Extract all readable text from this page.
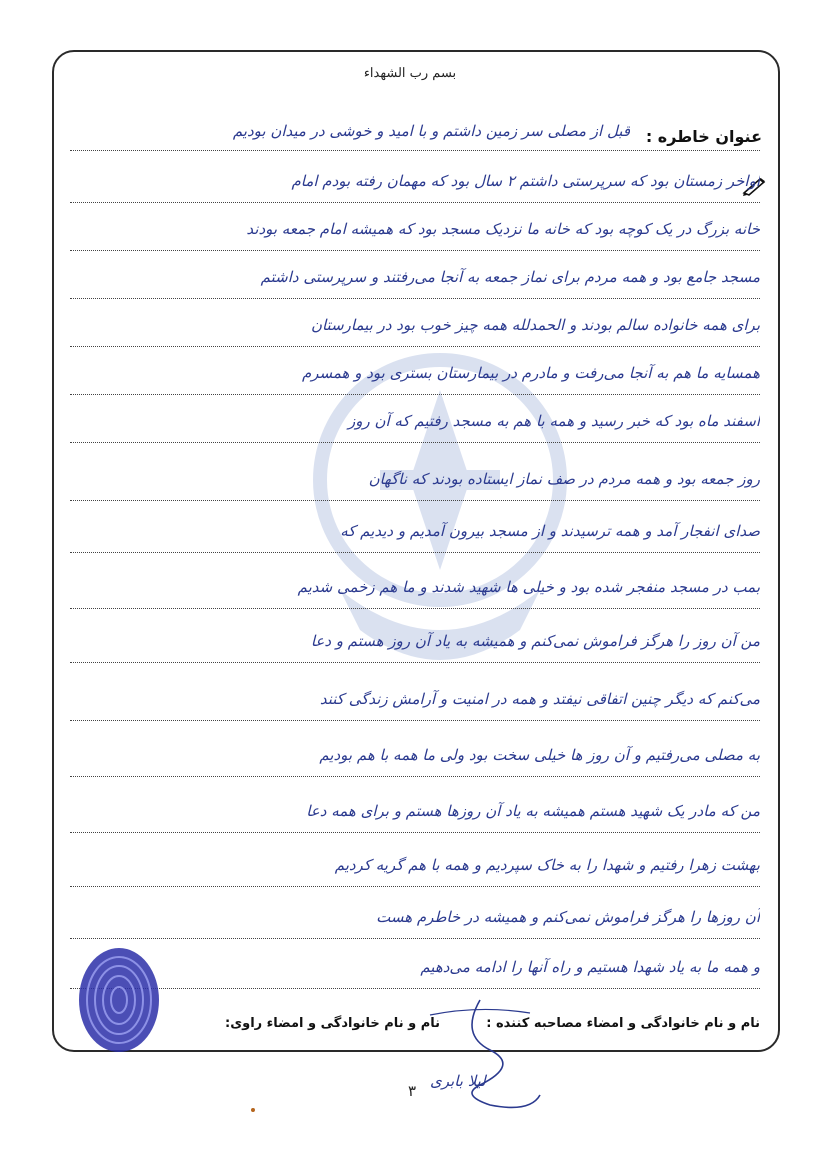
بسم رب الشهداء
عنوان خاطره :
قبل از مصلی سر زمین داشتم و با امید و خوشی در میدان بودیم
اواخر زمستان بود که سرپرستی داشتم ۲ سال بود که مهمان رفته بودم امام
خانه بزرگ در یک کوچه بود که خانه ما نزدیک مسجد بود که همیشه امام جمعه بودند
مسجد جامع بود و همه مردم برای نماز جمعه به آنجا می‌رفتند و سرپرستی داشتم
برای همه خانواده سالم بودند و الحمدلله همه چیز خوب بود در بیمارستان
همسایه ما هم به آنجا می‌رفت و مادرم در بیمارستان بستری بود و همسرم
اسفند ماه بود که خبر رسید و همه با هم به مسجد رفتیم که آن روز
روز جمعه بود و همه مردم در صف نماز ایستاده بودند که ناگهان
صدای انفجار آمد و همه ترسیدند و از مسجد بیرون آمدیم و دیدیم که
بمب در مسجد منفجر شده بود و خیلی ها شهید شدند و ما هم زخمی شدیم
من آن روز را هرگز فراموش نمی‌کنم و همیشه به یاد آن روز هستم و دعا
می‌کنم که دیگر چنین اتفاقی نیفتد و همه در امنیت و آرامش زندگی کنند
به مصلی می‌رفتیم و آن روز ها خیلی سخت بود ولی ما همه با هم بودیم
من که مادر یک شهید هستم همیشه به یاد آن روزها هستم و برای همه دعا
بهشت زهرا رفتیم و شهدا را به خاک سپردیم و همه با هم گریه کردیم
آن روزها را هرگز فراموش نمی‌کنم و همیشه در خاطرم هست
و همه ما به یاد شهدا هستیم و راه آنها را ادامه می‌دهیم
نام و نام خانوادگی و امضاء مصاحبه کننده :
نام و نام خانوادگی و امضاء راوی:
۳
لیلا بابری
